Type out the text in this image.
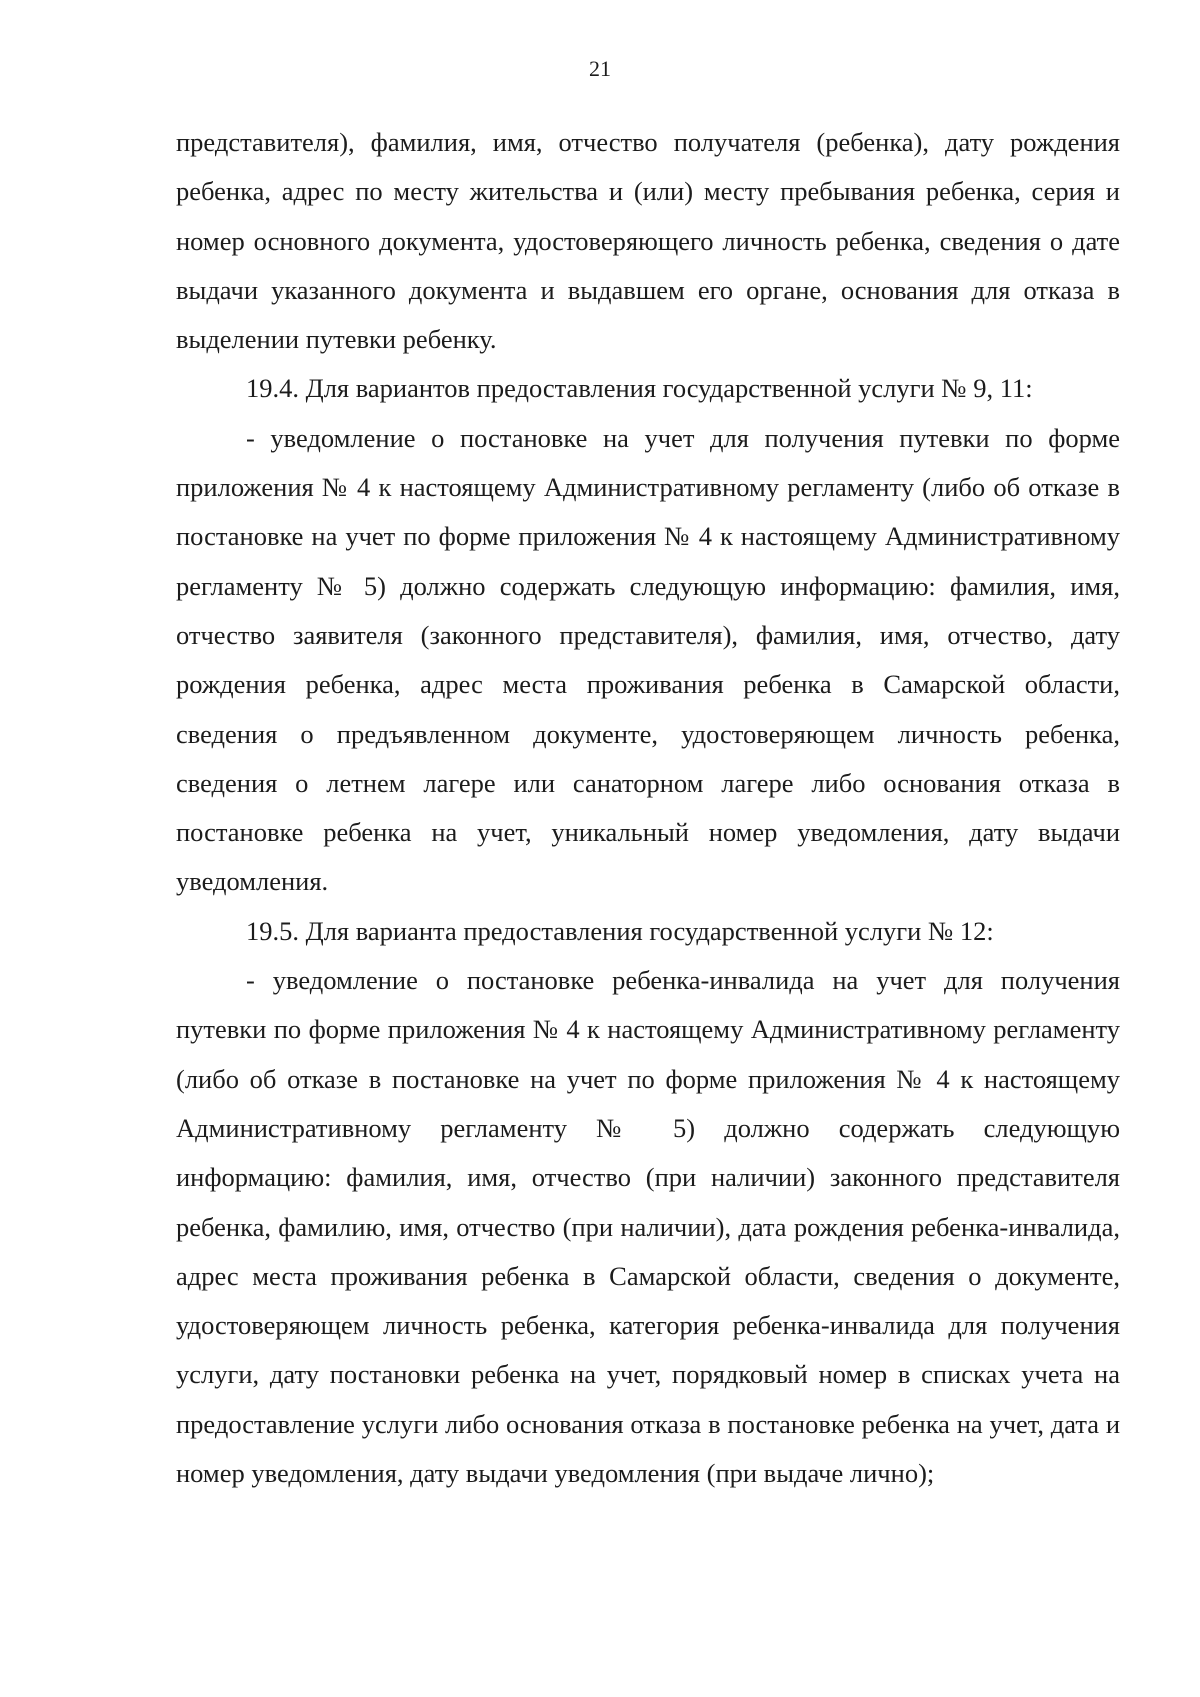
21

представителя), фамилия, имя, отчество получателя (ребенка), дату рождения ребенка, адрес по месту жительства и (или) месту пребывания ребенка, серия и номер основного документа, удостоверяющего личность ребенка, сведения о дате выдачи указанного документа и выдавшем его органе, основания для отказа в выделении путевки ребенку.

19.4. Для вариантов предоставления государственной услуги № 9, 11:

- уведомление о постановке на учет для получения путевки по форме приложения № 4 к настоящему Административному регламенту (либо об отказе в постановке на учет по форме приложения № 4 к настоящему Административному регламенту № 5) должно содержать следующую информацию: фамилия, имя, отчество заявителя (законного представителя), фамилия, имя, отчество, дату рождения ребенка, адрес места проживания ребенка в Самарской области, сведения о предъявленном документе, удостоверяющем личность ребенка, сведения о летнем лагере или санаторном лагере либо основания отказа в постановке ребенка на учет, уникальный номер уведомления, дату выдачи уведомления.

19.5. Для варианта предоставления государственной услуги № 12:

- уведомление о постановке ребенка-инвалида на учет для получения путевки по форме приложения № 4 к настоящему Административному регламенту (либо об отказе в постановке на учет по форме приложения № 4 к настоящему Административному регламенту № 5) должно содержать следующую информацию: фамилия, имя, отчество (при наличии) законного представителя ребенка, фамилию, имя, отчество (при наличии), дата рождения ребенка-инвалида, адрес места проживания ребенка в Самарской области, сведения о документе, удостоверяющем личность ребенка, категория ребенка-инвалида для получения услуги, дату постановки ребенка на учет, порядковый номер в списках учета на предоставление услуги либо основания отказа в постановке ребенка на учет, дата и номер уведомления, дату выдачи уведомления (при выдаче лично);
